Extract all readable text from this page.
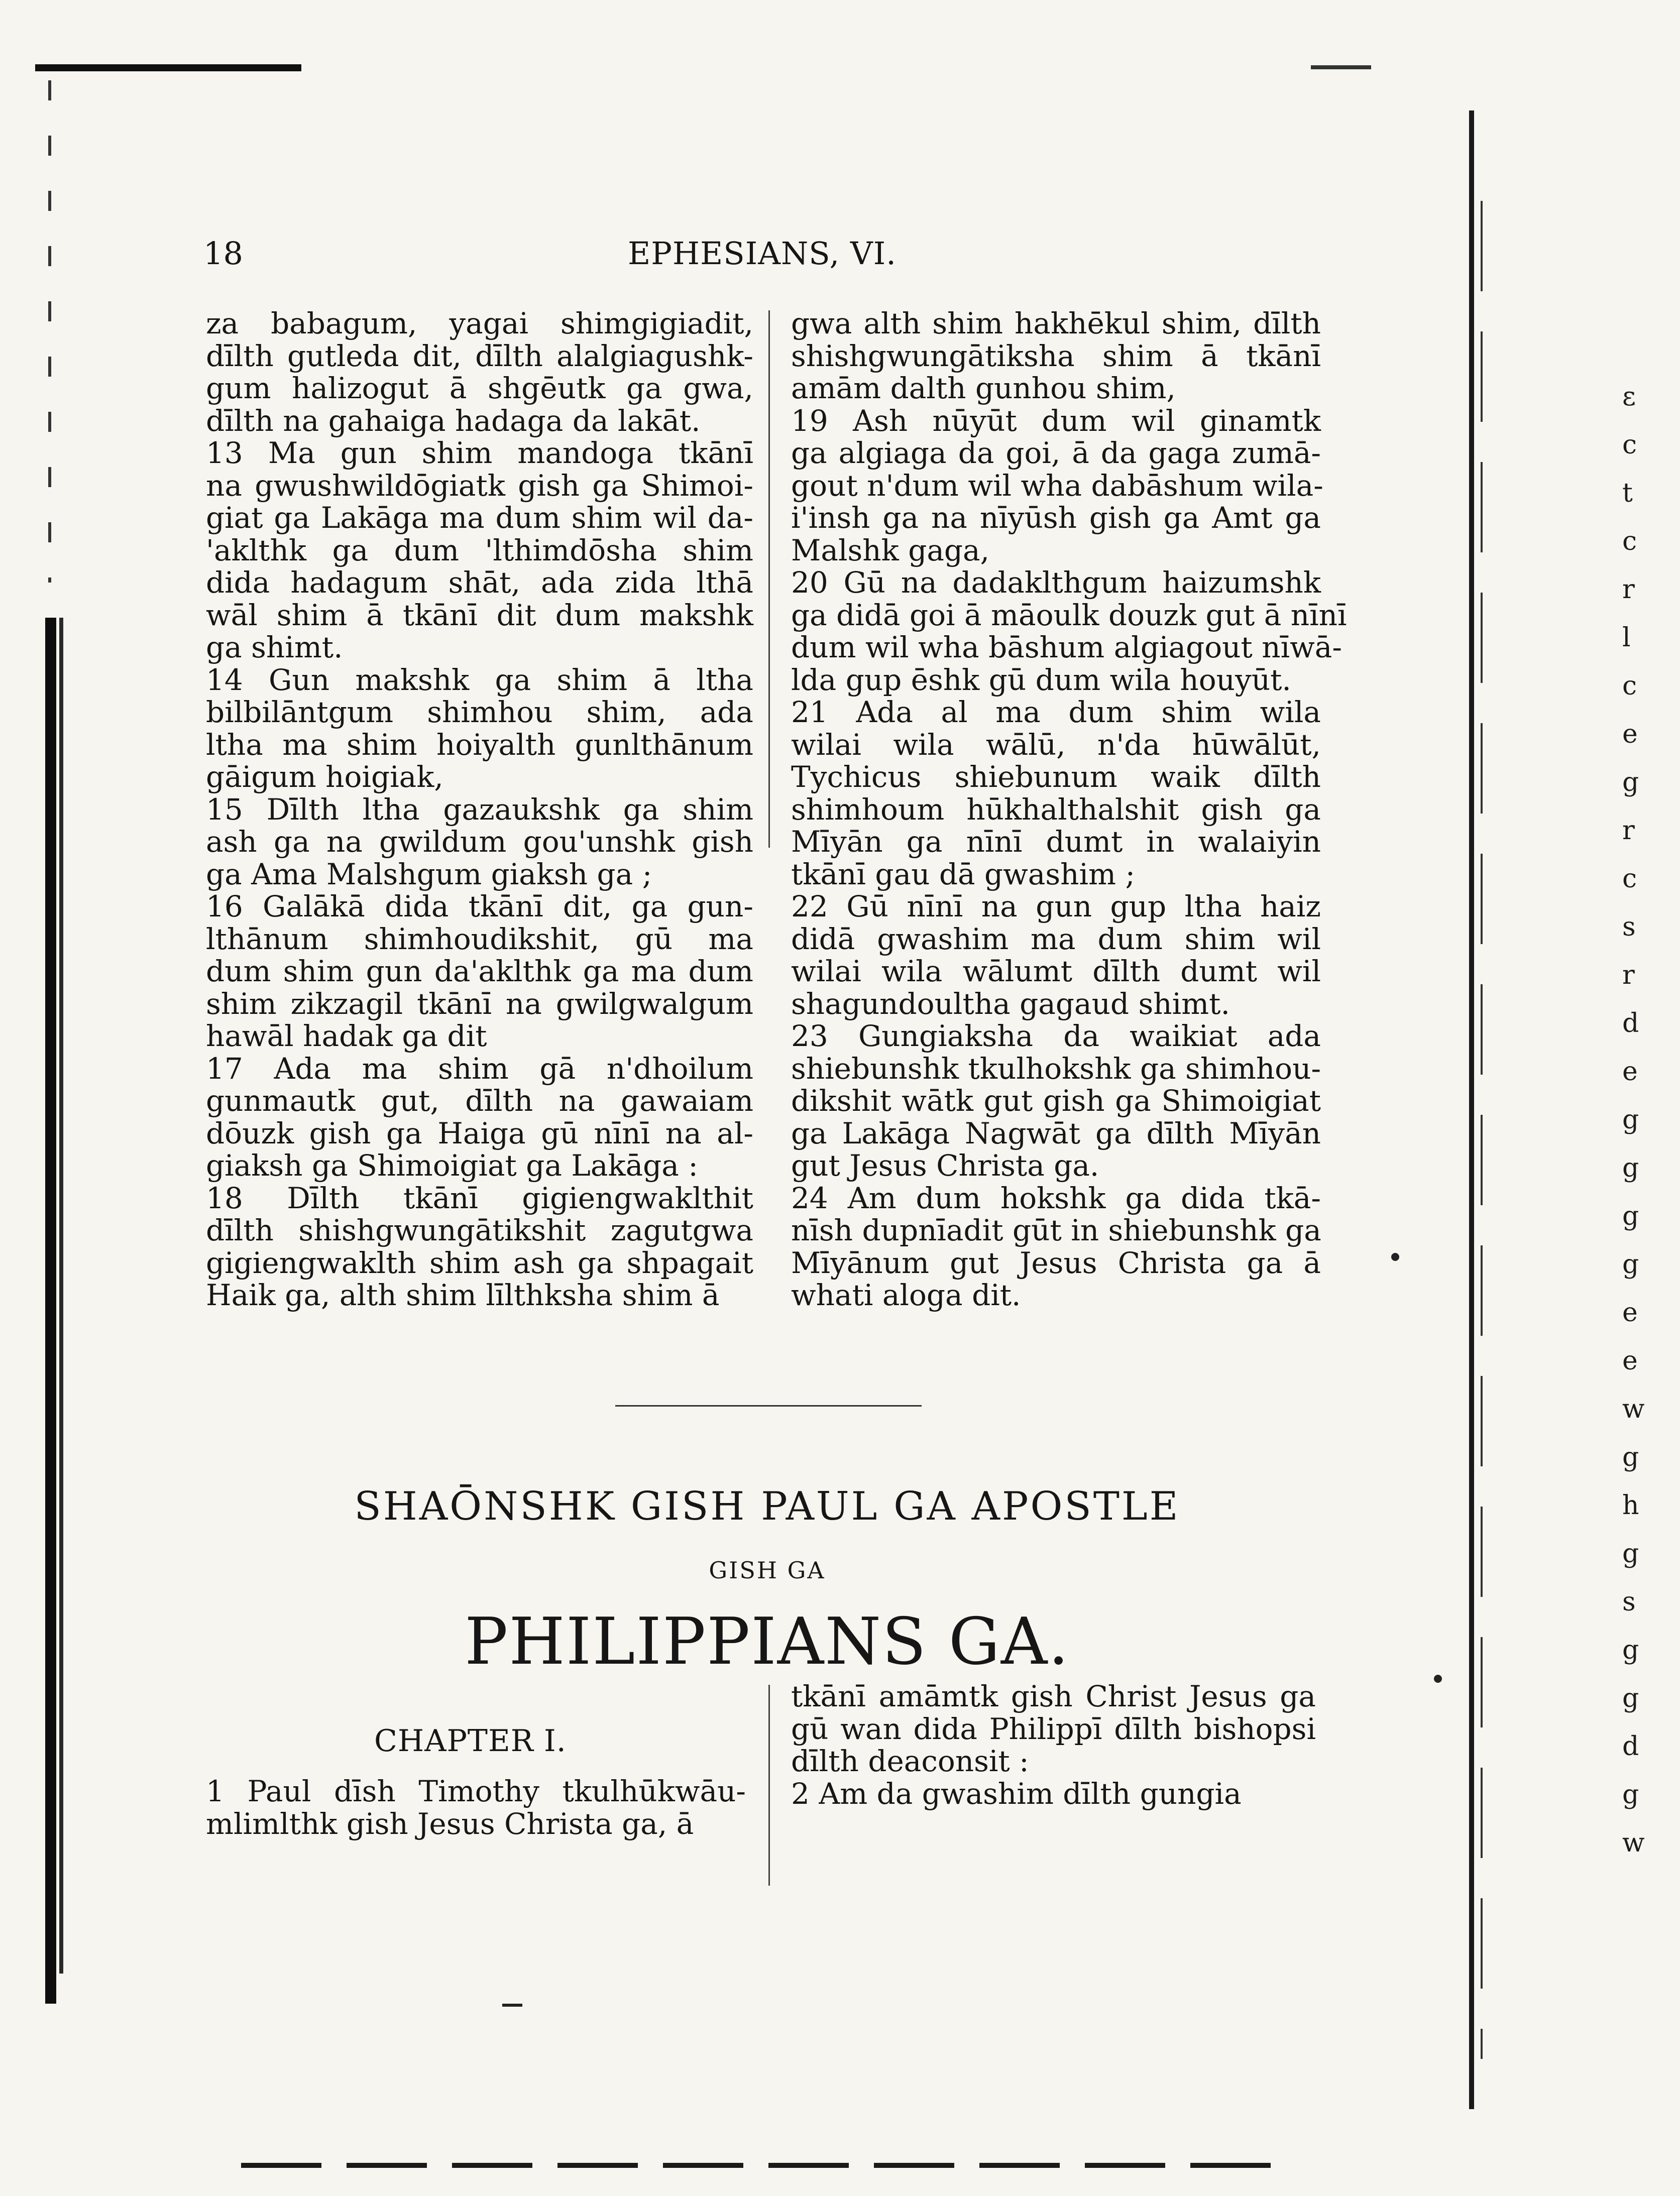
18	EPHESIANS, VI.
za babagum, yagai shimgigiadit,
dīlth gutleda dit, dīlth alalgiagushk-
gum halizogut ā shgēutk ga gwa,
dīlth na gahaiga hadaga da lakāt.
13 Ma gun shim mandoga tkānī
na gwushwildōgiatk gish ga Shimoi-
giat ga Lakāga ma dum shim wil da-
'aklthk ga dum 'lthimdōsha shim
dida hadagum shāt, ada zida lthā
wāl shim ā tkānī dit dum makshk
ga shimt.
14 Gun makshk ga shim ā ltha
bilbilāntgum shimhou shim, ada
ltha ma shim hoiyalth gunlthānum
gāigum hoigiak,
15 Dīlth ltha gazaukshk ga shim
ash ga na gwildum gou'unshk gish
ga Ama Malshgum giaksh ga ;
16 Galākā dida tkānī dit, ga gun-
lthānum shimhoudikshit, gū ma
dum shim gun da'aklthk ga ma dum
shim zikzagil tkānī na gwilgwalgum
hawāl hadak ga dit
17 Ada ma shim gā n'dhoilum
gunmautk gut, dīlth na gawaiam
dōuzk gish ga Haiga gū nīnī na al-
giaksh ga Shimoigiat ga Lakāga :
18 Dīlth tkānī gigiengwaklthit
dīlth shishgwungātikshit zagutgwa
gigiengwaklth shim ash ga shpagait
Haik ga, alth shim līlthksha shim ā
gwa alth shim hakhēkul shim, dīlth
shishgwungātiksha shim ā tkānī
amām dalth gunhou shim,
19 Ash nūyūt dum wil ginamtk
ga algiaga da goi, ā da gaga zumā-
gout n'dum wil wha dabāshum wila-
i'insh ga na nīyūsh gish ga Amt ga
Malshk gaga,
20 Gū na dadaklthgum haizumshk
ga didā goi ā māoulk douzk gut ā nīnī
dum wil wha bāshum algiagout nīwā-
lda gup ēshk gū dum wila houyūt.
21 Ada al ma dum shim wila
wilai wila wālū, n'da hūwālūt,
Tychicus shiebunum waik dīlth
shimhoum hūkhalthalshit gish ga
Mīyān ga nīnī dumt in walaiyin
tkānī gau dā gwashim ;
22 Gū nīnī na gun gup ltha haiz
didā gwashim ma dum shim wil
wilai wila wālumt dīlth dumt wil
shagundoultha gagaud shimt.
23 Gungiaksha da waikiat ada
shiebunshk tkulhokshk ga shimhou-
dikshit wātk gut gish ga Shimoigiat
ga Lakāga Nagwāt ga dīlth Mīyān
gut Jesus Christa ga.
24 Am dum hokshk ga dida tkā-
nīsh dupnīadit gūt in shiebunshk ga
Mīyānum gut Jesus Christa ga ā
whati aloga dit.
SHAŌNSHK GISH PAUL GA APOSTLE
GISH GA
PHILIPPIANS GA.
CHAPTER I.
1 Paul dīsh Timothy tkulhūkwāu-
mlimlthk gish Jesus Christa ga, ā
tkānī amāmtk gish Christ Jesus ga
gū wan dida Philippī dīlth bishopsi
dīlth deaconsit :
2 Am da gwashim dīlth gungia
ɛ
c
t
c
r
l
c
e
g
r
c
s
r
d
e
g
g
g
g
e
e
w
g
h
g
s
g
g
d
g
w
